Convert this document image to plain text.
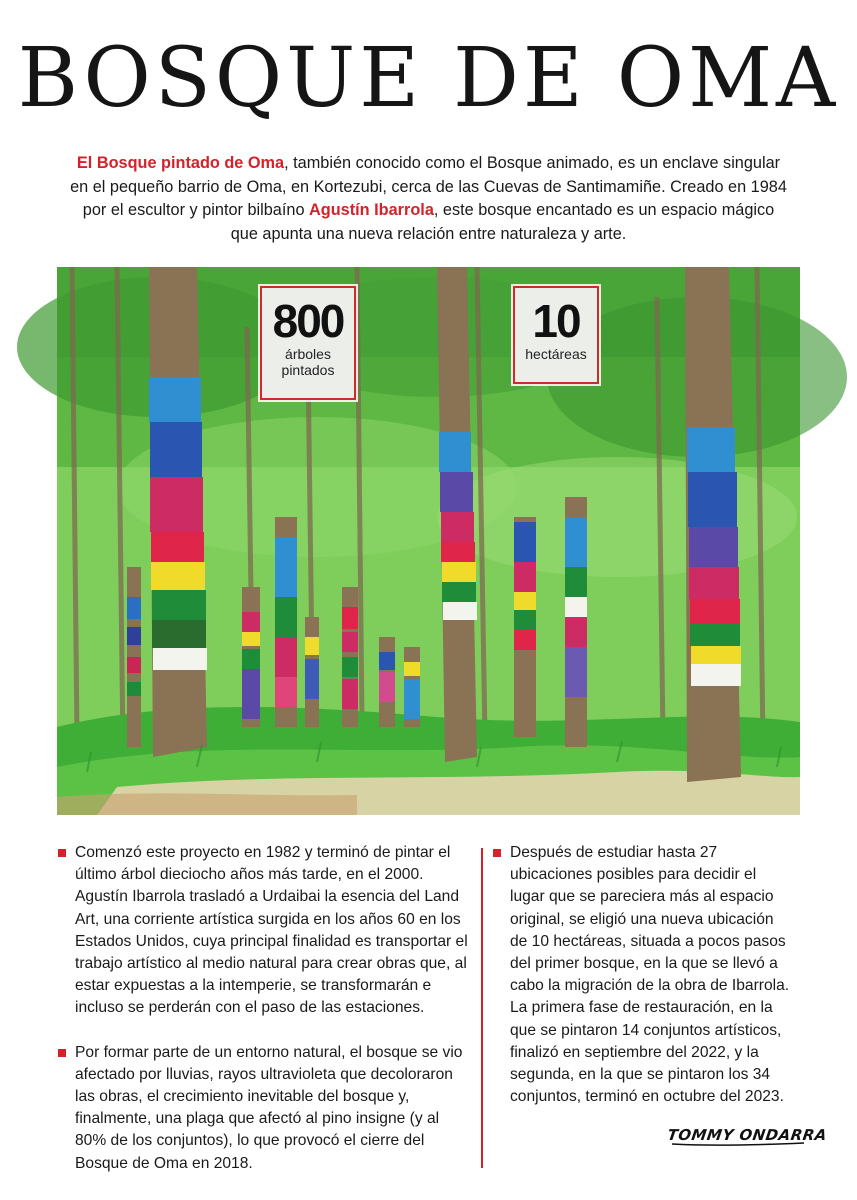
BOSQUE DE OMA

El Bosque pintado de Oma, también conocido como el Bosque animado, es un enclave singular en el pequeño barrio de Oma, en Kortezubi, cerca de las Cuevas de Santimamiñe. Creado en 1984 por el escultor y pintor bilbaíno Agustín Ibarrola, este bosque encantado es un espacio mágico que apunta una nueva relación entre naturaleza y arte.

800
árboles pintados
10
hectáreas

Comenzó este proyecto en 1982 y terminó de pintar el último árbol dieciocho años más tarde, en el 2000. Agustín Ibarrola trasladó a Urdaibai la esencia del Land Art, una corriente artística surgida en los años 60 en los Estados Unidos, cuya principal finalidad es transportar el trabajo artístico al medio natural para crear obras que, al estar expuestas a la intemperie, se transformarán e incluso se perderán con el paso de las estaciones.

Por formar parte de un entorno natural, el bosque se vio afectado por lluvias, rayos ultravioleta que decoloraron las obras, el crecimiento inevitable del bosque y, finalmente, una plaga que afectó al pino insigne (y al 80% de los conjuntos), lo que provocó el cierre del Bosque de Oma en 2018.

Después de estudiar hasta 27 ubicaciones posibles para decidir el lugar que se pareciera más al espacio original, se eligió una nueva ubicación de 10 hectáreas, situada a pocos pasos del primer bosque, en la que se llevó a cabo la migración de la obra de Ibarrola. La primera fase de restauración, en la que se pintaron 14 conjuntos artísticos, finalizó en septiembre del 2022, y la segunda, en la que se pintaron los 34 conjuntos, terminó en octubre del 2023.

TOMMY ONDARRA
